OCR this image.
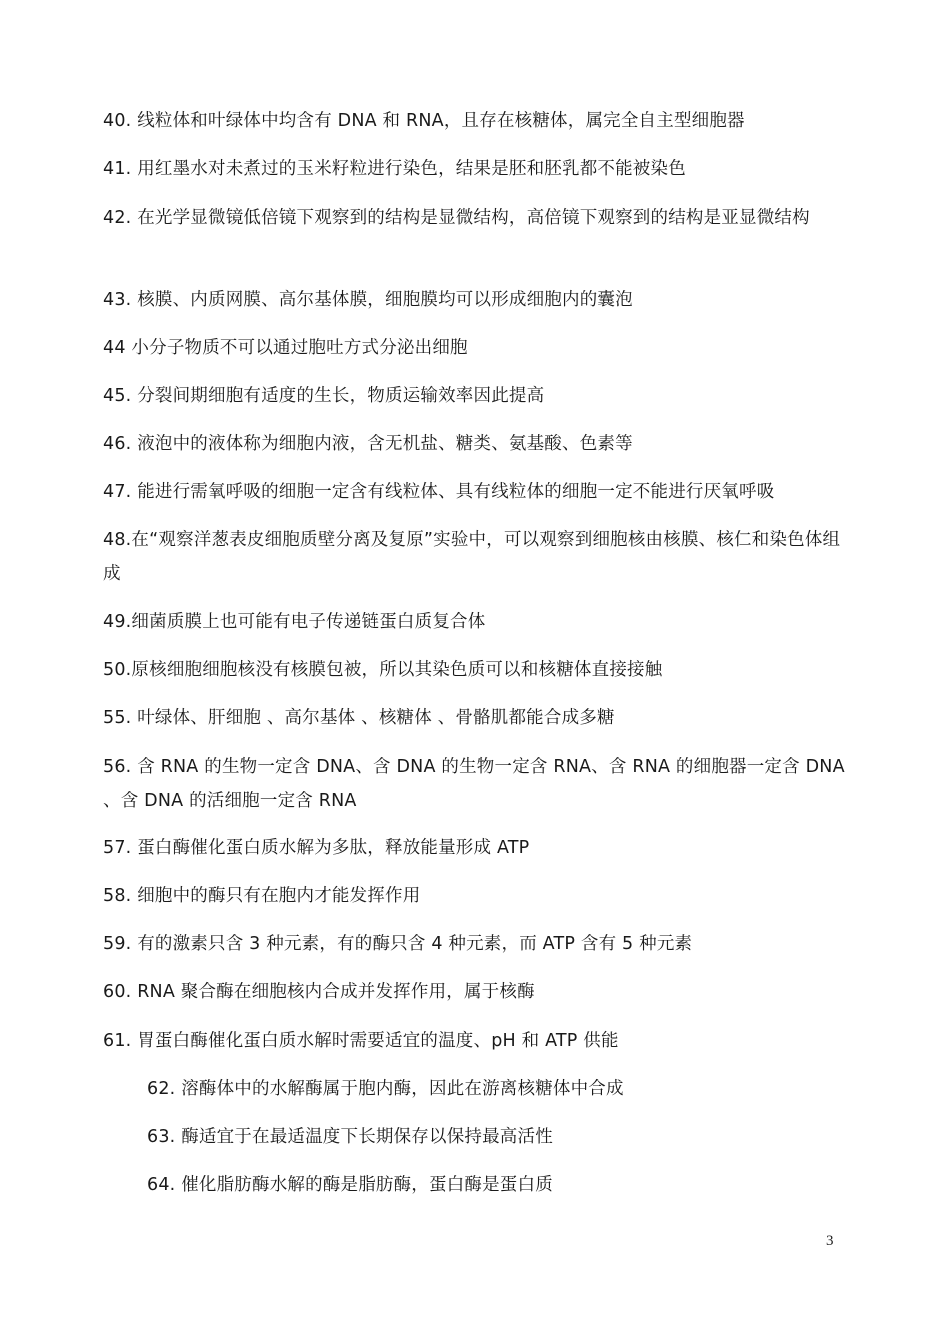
40. 线粒体和叶绿体中均含有 DNA 和 RNA，且存在核糖体，属完全自主型细胞器
41. 用红墨水对未煮过的玉米籽粒进行染色，结果是胚和胚乳都不能被染色
42. 在光学显微镜低倍镜下观察到的结构是显微结构，高倍镜下观察到的结构是亚显微结构
43. 核膜、内质网膜、高尔基体膜，细胞膜均可以形成细胞内的囊泡
44 小分子物质不可以通过胞吐方式分泌出细胞
45. 分裂间期细胞有适度的生长，物质运输效率因此提高
46. 液泡中的液体称为细胞内液，含无机盐、糖类、氨基酸、色素等
47. 能进行需氧呼吸的细胞一定含有线粒体、具有线粒体的细胞一定不能进行厌氧呼吸
48.在“观察洋葱表皮细胞质壁分离及复原”实验中，可以观察到细胞核由核膜、核仁和染色体组成
49.细菌质膜上也可能有电子传递链蛋白质复合体
50.原核细胞细胞核没有核膜包被，所以其染色质可以和核糖体直接接触
55. 叶绿体、肝细胞 、高尔基体 、核糖体 、骨骼肌都能合成多糖
56. 含 RNA 的生物一定含 DNA、含 DNA 的生物一定含 RNA、含 RNA 的细胞器一定含 DNA 、含 DNA 的活细胞一定含 RNA
57. 蛋白酶催化蛋白质水解为多肽，释放能量形成 ATP
58. 细胞中的酶只有在胞内才能发挥作用
59. 有的激素只含 3 种元素，有的酶只含 4 种元素，而 ATP 含有 5 种元素
60. RNA 聚合酶在细胞核内合成并发挥作用，属于核酶
61. 胃蛋白酶催化蛋白质水解时需要适宜的温度、pH 和 ATP 供能
62. 溶酶体中的水解酶属于胞内酶，因此在游离核糖体中合成
63. 酶适宜于在最适温度下长期保存以保持最高活性
64. 催化脂肪酶水解的酶是脂肪酶，蛋白酶是蛋白质
3
